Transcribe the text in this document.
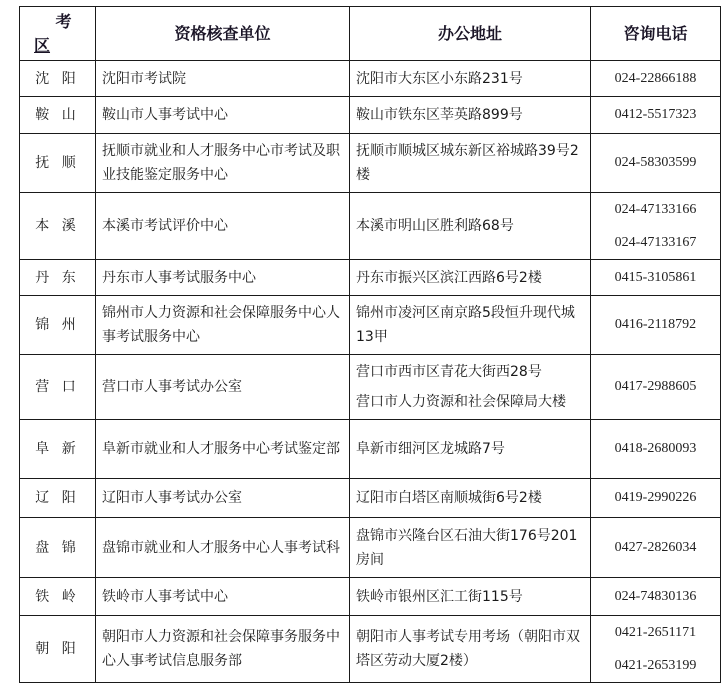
考
区	资格核查单位	办公地址	咨询电话
沈 阳	沈阳市考试院	沈阳市大东区小东路231号	024-22866188

鞍 山	鞍山市人事考试中心	鞍山市铁东区莘英路899号	0412-5517323

抚 顺	抚顺市就业和人才服务中心市考试及职业技能鉴定服务中心	抚顺市顺城区城东新区裕城路39号2楼	024-58303599

本 溪	本溪市考试评价中心	本溪市明山区胜利路68号	024-47133166
024-47133167

丹 东	丹东市人事考试服务中心	丹东市振兴区滨江西路6号2楼	0415-3105861

锦 州	锦州市人力资源和社会保障服务中心人事考试服务中心	锦州市凌河区南京路5段恒升现代城13甲	0416-2118792

营 口	营口市人事考试办公室	营口市西市区青花大街西28号
营口市人力资源和社会保障局大楼	0417-2988605

阜 新	阜新市就业和人才服务中心考试鉴定部	阜新市细河区龙城路7号	0418-2680093

辽 阳	辽阳市人事考试办公室	辽阳市白塔区南顺城街6号2楼	0419-2990226

盘 锦	盘锦市就业和人才服务中心人事考试科	盘锦市兴隆台区石油大街176号201房间	0427-2826034

铁 岭	铁岭市人事考试中心	铁岭市银州区汇工街115号	024-74830136

朝 阳	朝阳市人力资源和社会保障事务服务中心人事考试信息服务部	朝阳市人事考试专用考场（朝阳市双塔区劳动大厦2楼）	0421-2651171
0421-2653199
